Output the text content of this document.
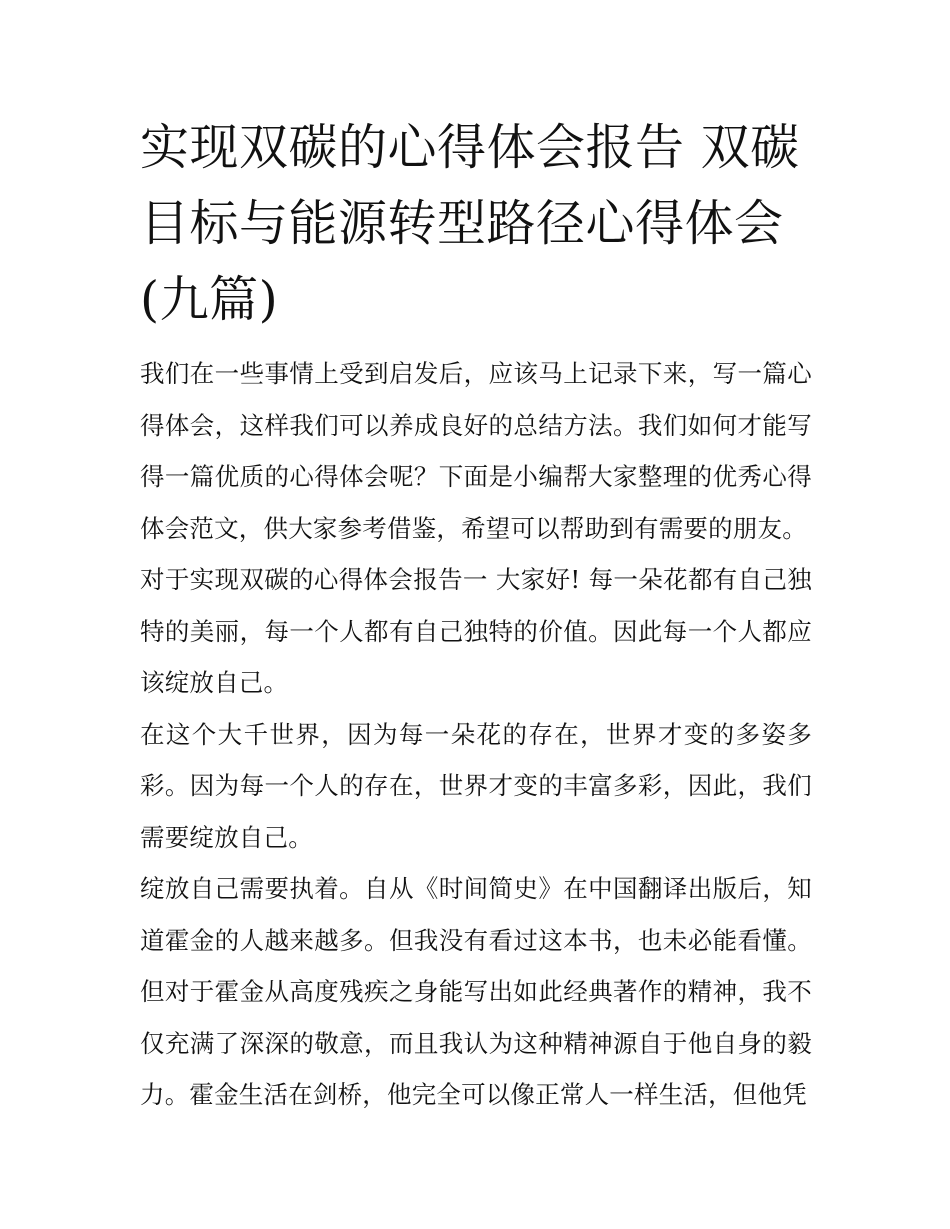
实现双碳的心得体会报告 双碳目标与能源转型路径心得体会(九篇)

我们在一些事情上受到启发后，应该马上记录下来，写一篇心得体会，这样我们可以养成良好的总结方法。我们如何才能写得一篇优质的心得体会呢？下面是小编帮大家整理的优秀心得体会范文，供大家参考借鉴，希望可以帮助到有需要的朋友。

对于实现双碳的心得体会报告一 大家好! 每一朵花都有自己独特的美丽，每一个人都有自己独特的价值。因此每一个人都应该绽放自己。

在这个大千世界，因为每一朵花的存在，世界才变的多姿多彩。因为每一个人的存在，世界才变的丰富多彩，因此，我们需要绽放自己。

绽放自己需要执着。自从《时间简史》在中国翻译出版后，知道霍金的人越来越多。但我没有看过这本书，也未必能看懂。但对于霍金从高度残疾之身能写出如此经典著作的精神，我不仅充满了深深的敬意，而且我认为这种精神源自于他自身的毅力。霍金生活在剑桥，他完全可以像正常人一样生活，但他凭
